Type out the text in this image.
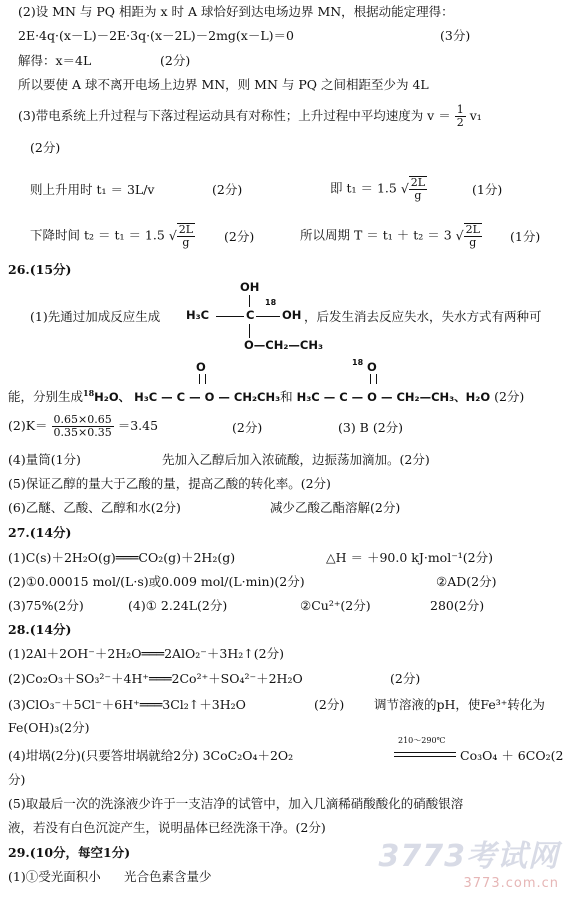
(2)设 MN 与 PQ 相距为 x 时 A 球恰好到达电场边界 MN，根据动能定理得：
2E·4q·(x－L)－2E·3q·(x－2L)－2mg(x－L)＝0	(3分)
解得：x＝4L	(2分)
所以要使 A 球不离开电场上边界 MN，则 MN 与 PQ 之间相距至少为 4L
(3)带电系统上升过程与下落过程运动具有对称性；上升过程中平均速度为 $v = \frac{1}{2} v_1$
(2分)
则上升用时 t₁ ＝ 3L/v	(2分)	即 t₁ ＝ 1.5 √ $\frac{2L}{g}$	(1分)
下降时间 t₂ ＝ t₁ ＝ 1.5 √ $\frac{2L}{g} (2$分)	所以周期 T ＝ t₁ ＋ t₂ ＝ 3 √ $\frac{2L}{g} (1$分)
26.(15分)
OH
(1)先通过加成反应生成 H₃C	C
18
OH ，后发生消去反应失水，失水方式有两种可
O—CH₂—CH₃
O	O
18
能，分别生成$^{18}$H₂O、 H₃C — C — O — CH₂CH₃和 H₃C — C — O — CH₂—CH₃、H₂O (2分)
$(2)K= \frac{0.65\times 0.65}{0.35\times 0.35} =3.45$	(2分)	(3) B (2分)
(4)量筒(1分)	先加入乙醇后加入浓硫酸，边振荡加滴加。(2分)
(5)保证乙醇的量大于乙酸的量，提高乙酸的转化率。(2分)
(6)乙醚、乙酸、乙醇和水(2分)	减少乙酸乙酯溶解(2分)
27.(14分)
(1)C(s)＋2H₂O(g)═══CO₂(g)＋2H₂(g)	△H ＝ ＋90.0 kJ·mol⁻¹(2分)
(2)①0.00015 mol/(L·s)或0.009 mol/(L·min)(2分)	②AD(2分)
(3)75%(2分)	(4)① 2.24L(2分)	②Cu²⁺(2分)	280(2分)
28.(14分)
(1)2Al＋2OH⁻＋2H₂O═══2AlO₂⁻＋3H₂↑(2分)
(2)Co₂O₃＋SO₃²⁻＋4H⁺═══2Co²⁺＋SO₄²⁻＋2H₂O	(2分)
(3)ClO₃⁻＋5Cl⁻＋6H⁺═══3Cl₂↑＋3H₂O	(2分) 调节溶液的pH，使Fe³⁺转化为
Fe(OH)₃(2分)
(4)坩埚(2分)(只要答坩埚就给2分) 3CoC₂O₄＋2O₂
210～290℃
Co₃O₄ ＋ 6CO₂(2
分)
(5)取最后一次的洗涤液少许于一支洁净的试管中，加入几滴稀硝酸酸化的硝酸银溶
液，若没有白色沉淀产生，说明晶体已经洗涤干净。(2分)
29.(10分，每空1分)
(1)①受光面积小 光合色素含量少
3773考试网
3773.com.cn
